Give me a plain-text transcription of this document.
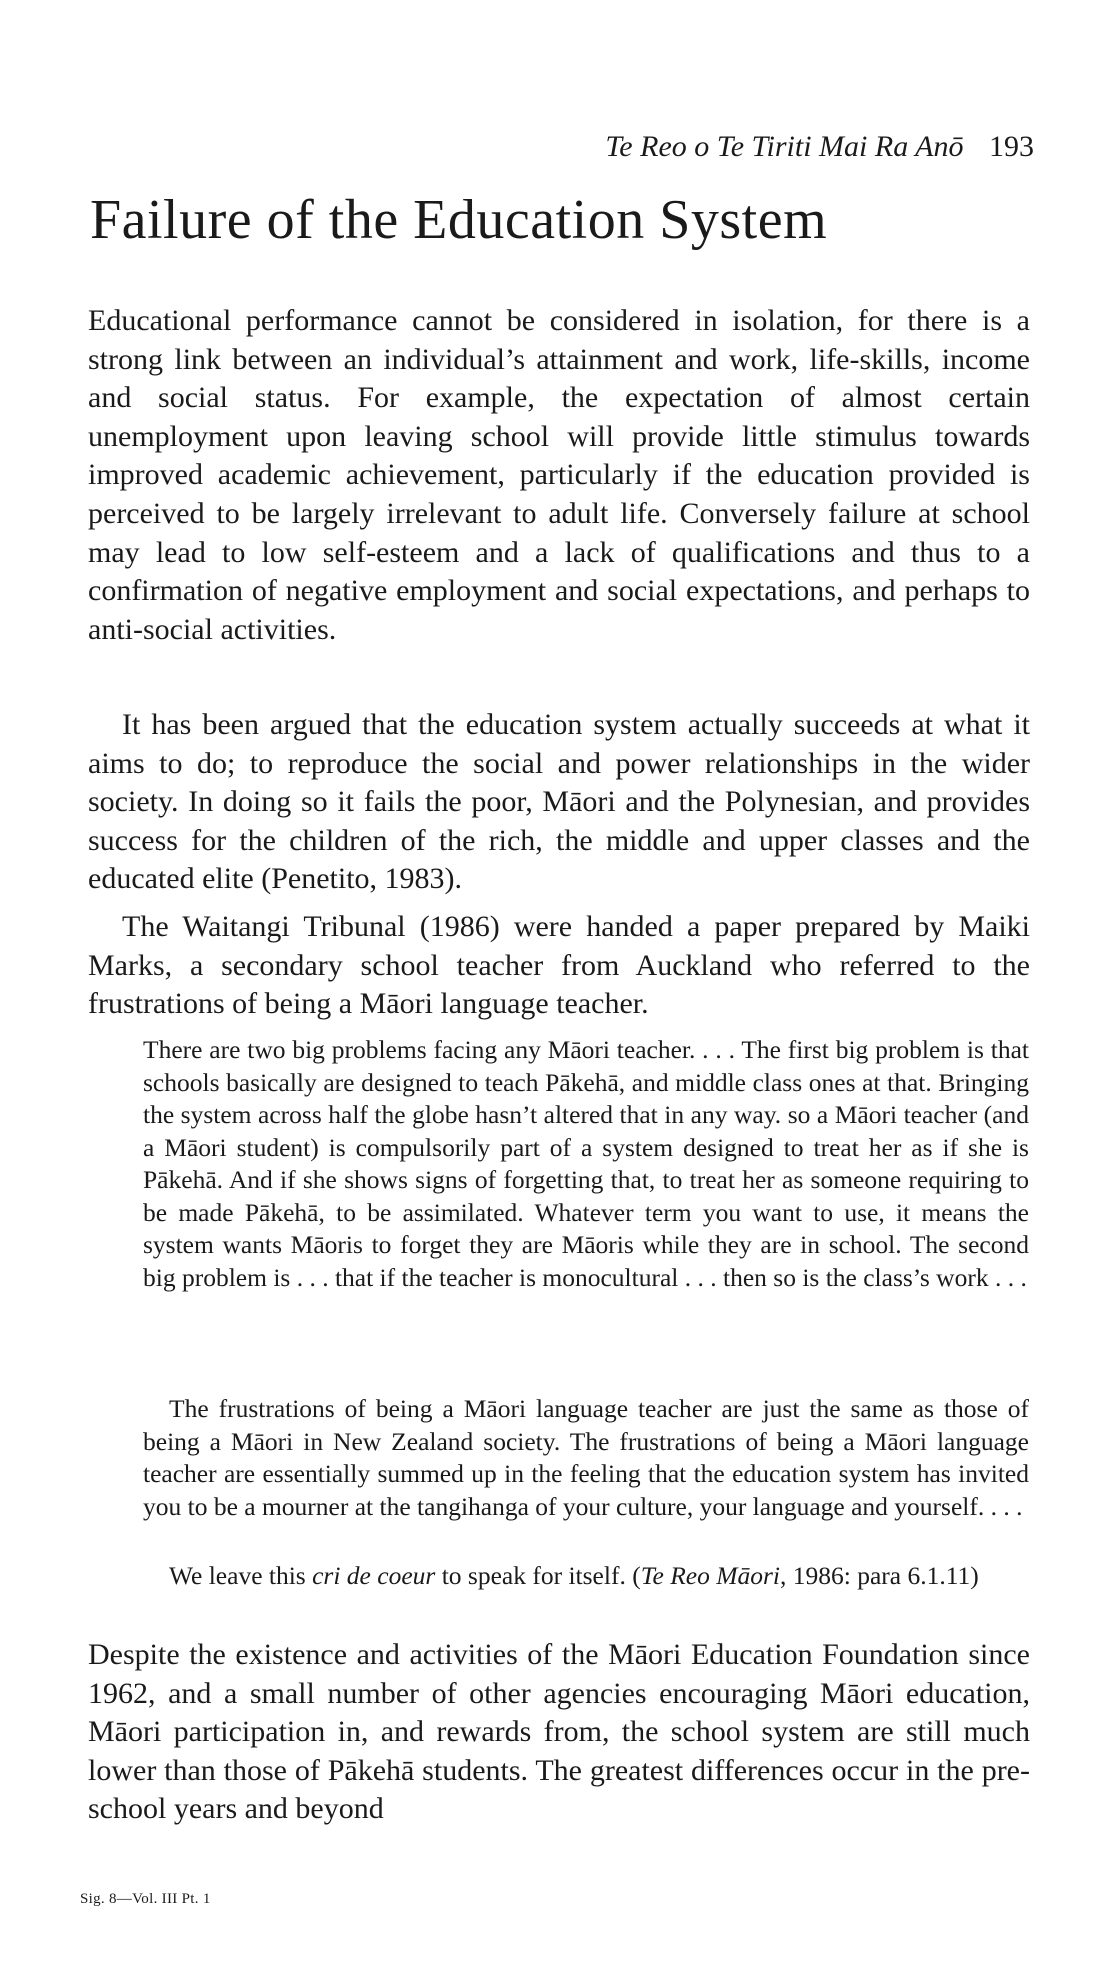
Te Reo o Te Tiriti Mai Ra Anō 193
Failure of the Education System

Educational performance cannot be considered in isolation, for there is a strong link between an individual’s attainment and work, life-skills, income and social status. For example, the expectation of almost certain unemployment upon leaving school will provide little stimulus towards improved academic achievement, particularly if the education provided is perceived to be largely irrelevant to adult life. Conversely failure at school may lead to low self-esteem and a lack of qualifications and thus to a confirmation of negative employment and social expectations, and perhaps to anti-social activities.

It has been argued that the education system actually succeeds at what it aims to do; to reproduce the social and power relationships in the wider society. In doing so it fails the poor, Māori and the Polynesian, and provides success for the children of the rich, the middle and upper classes and the educated elite (Penetito, 1983).

The Waitangi Tribunal (1986) were handed a paper prepared by Maiki Marks, a secondary school teacher from Auckland who referred to the frustrations of being a Māori language teacher.

There are two big problems facing any Māori teacher. . . . The first big problem is that schools basically are designed to teach Pākehā, and middle class ones at that. Bringing the system across half the globe hasn’t altered that in any way. so a Māori teacher (and a Māori student) is compulsorily part of a system designed to treat her as if she is Pākehā. And if she shows signs of forgetting that, to treat her as someone requiring to be made Pākehā, to be assimilated. Whatever term you want to use, it means the system wants Māoris to forget they are Māoris while they are in school. The second big problem is . . . that if the teacher is monocultural . . . then so is the class’s work . . .

The frustrations of being a Māori language teacher are just the same as those of being a Māori in New Zealand society. The frustrations of being a Māori language teacher are essentially summed up in the feeling that the education system has invited you to be a mourner at the tangihanga of your culture, your language and yourself. . . .

We leave this cri de coeur to speak for itself. (Te Reo Māori, 1986: para 6.1.11)

Despite the existence and activities of the Māori Education Foundation since 1962, and a small number of other agencies encouraging Māori education, Māori participation in, and rewards from, the school system are still much lower than those of Pākehā students. The greatest differences occur in the pre-school years and beyond

Sig. 8—Vol. III Pt. 1
